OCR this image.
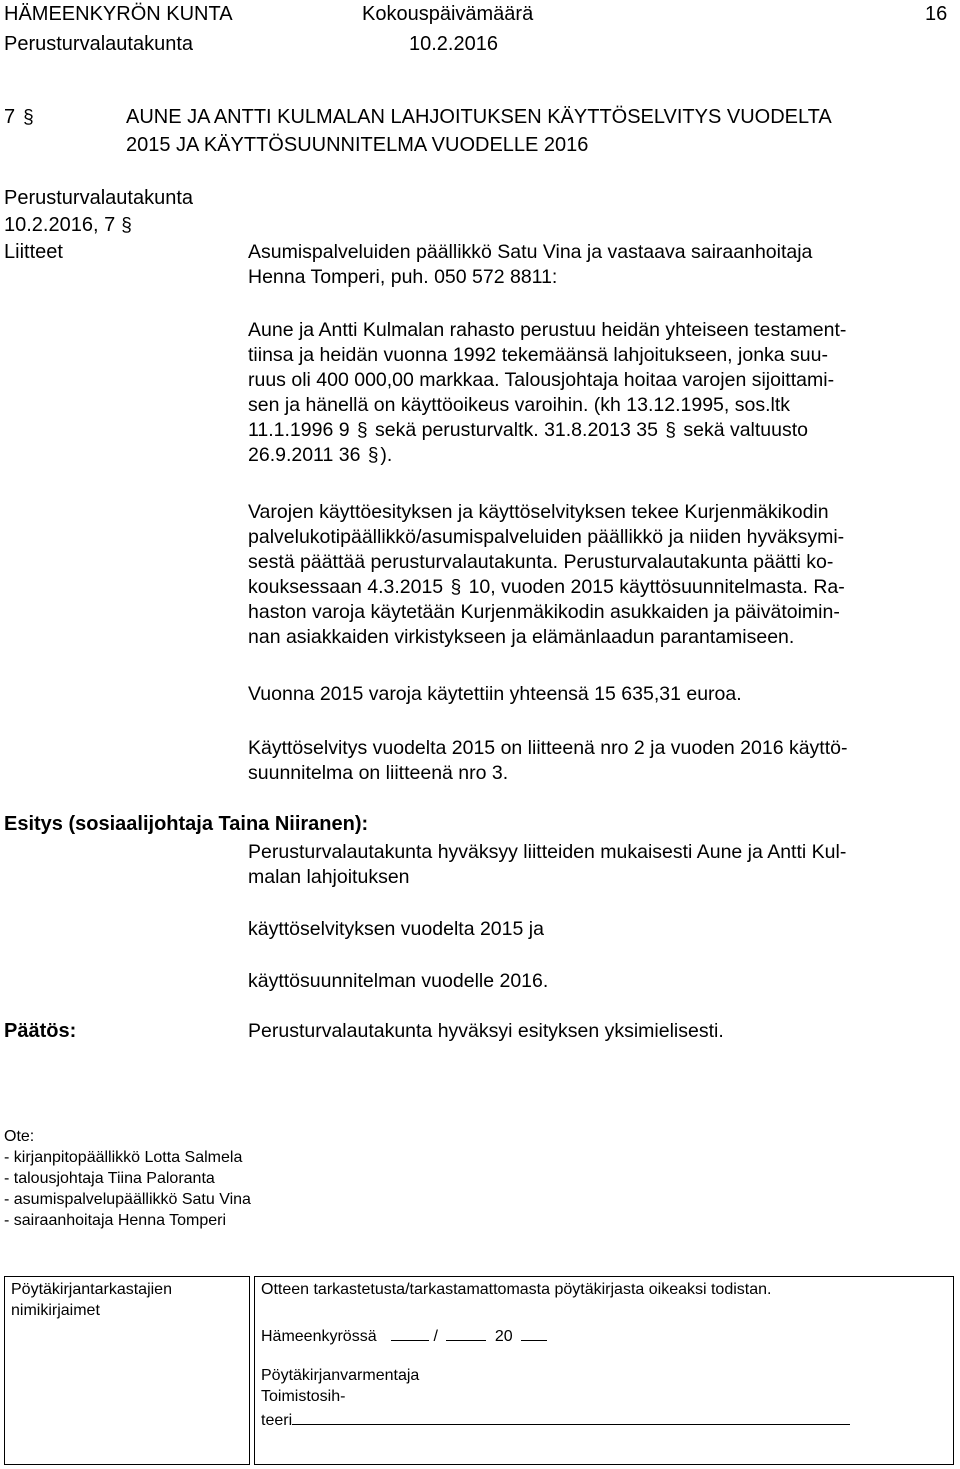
HÄMEENKYRÖN KUNTA	Kokouspäivämäärä	16
Perusturvalautakunta	10.2.2016
7 §	AUNE JA ANTTI KULMALAN LAHJOITUKSEN KÄYTTÖSELVITYS VUODELTA
2015 JA KÄYTTÖSUUNNITELMA VUODELLE 2016
Perusturvalautakunta
10.2.2016, 7 §
Liitteet	Asumispalveluiden päällikkö Satu Vina ja vastaava sairaanhoitaja
Henna Tomperi, puh. 050 572 8811:
Aune ja Antti Kulmalan rahasto perustuu heidän yhteiseen testament-
tiinsa ja heidän vuonna 1992 tekemäänsä lahjoitukseen, jonka suu-
ruus oli 400 000,00 markkaa. Talousjohtaja hoitaa varojen sijoittami-
sen ja hänellä on käyttöoikeus varoihin. (kh 13.12.1995, sos.ltk
11.1.1996 9 § sekä perusturvaltk. 31.8.2013 35 § sekä valtuusto
26.9.2011 36 § ).
Varojen käyttöesityksen ja käyttöselvityksen tekee Kurjenmäkikodin
palvelukotipäällikkö/asumispalveluiden päällikkö ja niiden hyväksymi-
sestä päättää perusturvalautakunta. Perusturvalautakunta päätti ko-
kouksessaan 4.3.2015 § 10, vuoden 2015 käyttösuunnitelmasta. Ra-
haston varoja käytetään Kurjenmäkikodin asukkaiden ja päivätoimin-
nan asiakkaiden virkistykseen ja elämänlaadun parantamiseen.
Vuonna 2015 varoja käytettiin yhteensä 15 635,31 euroa.
Käyttöselvitys vuodelta 2015 on liitteenä nro 2 ja vuoden 2016 käyttö-
suunnitelma on liitteenä nro 3.
Esitys (sosiaalijohtaja Taina Niiranen):
Perusturvalautakunta hyväksyy liitteiden mukaisesti Aune ja Antti Kul-
malan lahjoituksen
käyttöselvityksen vuodelta 2015 ja
käyttösuunnitelman vuodelle 2016.
Päätös:	Perusturvalautakunta hyväksyi esityksen yksimielisesti.
Ote:
- kirjanpitopäällikkö Lotta Salmela
- talousjohtaja Tiina Paloranta
- asumispalvelupäällikkö Satu Vina
- sairaanhoitaja Henna Tomperi
Pöytäkirjantarkastajien
nimikirjaimet
Otteen tarkastetusta/tarkastamattomasta pöytäkirjasta oikeaksi todistan.
Hämeenkyrössä	/	20
Pöytäkirjanvarmentaja
Toimistosih-
teeri
